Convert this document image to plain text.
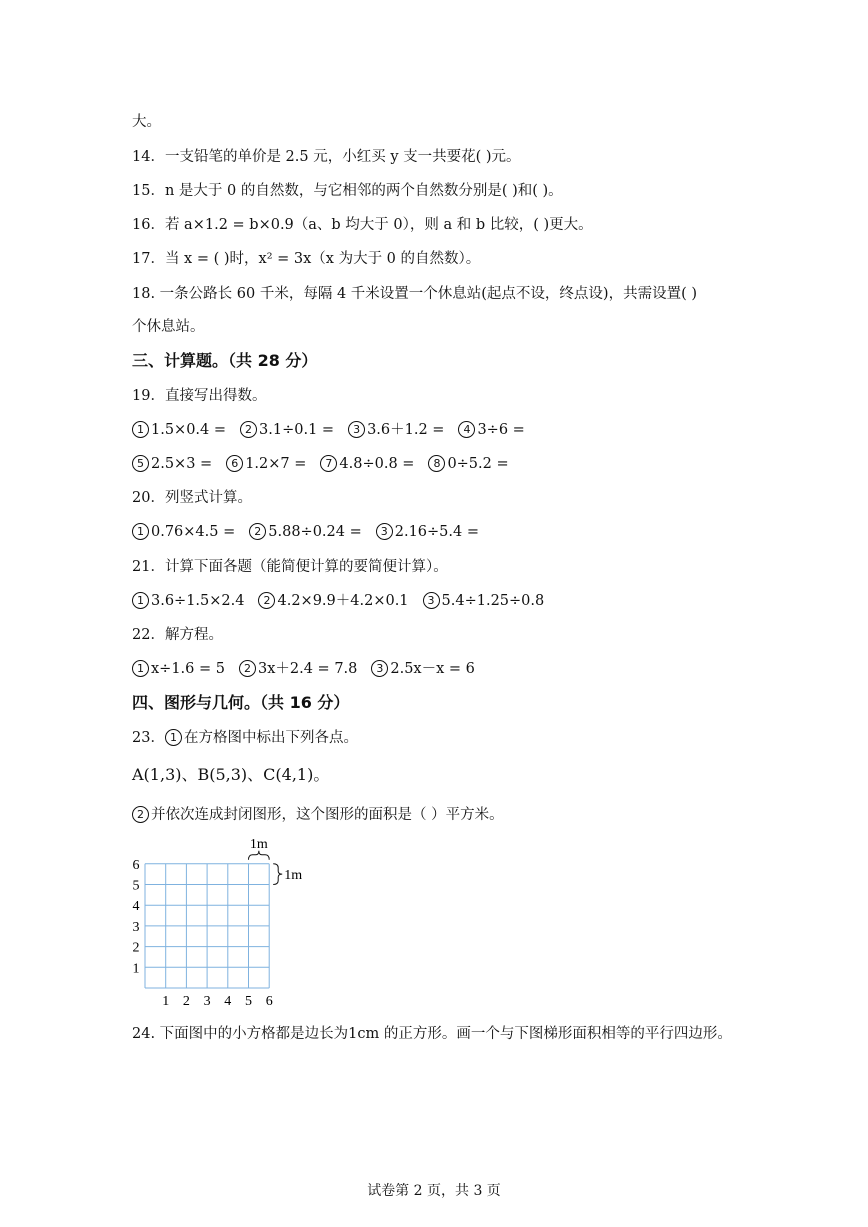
大。
14．一支铅笔的单价是 2.5 元，小红买 y 支一共要花( )元。
15．n 是大于 0 的自然数，与它相邻的两个自然数分别是( )和( )。
16．若 a×1.2 = b×0.9（a、b 均大于 0），则 a 和 b 比较，( )更大。
17．当 x = ( )时，x² = 3x（x 为大于 0 的自然数）。
18. 一条公路长 60 千米，每隔 4 千米设置一个休息站(起点不设，终点设)，共需设置( )
个休息站。
三、计算题。（共 28 分）
19．直接写出得数。
1 1.5×0.4 = 2 3.1÷0.1 = 3 3.6＋1.2 = 4 3÷6 =
5 2.5×3 = 6 1.2×7 = 7 4.8÷0.8 = 8 0÷5.2 =
20．列竖式计算。
1 0.76×4.5 = 2 5.88÷0.24 = 3 2.16÷5.4 =
21．计算下面各题（能简便计算的要简便计算）。
1 3.6÷1.5×2.4 2 4.2×9.9＋4.2×0.1 3 5.4÷1.25÷0.8
22．解方程。
1 x÷1.6 = 5 2 3x＋2.4 = 7.8 3 2.5x－x = 6
四、图形与几何。（共 16 分）
23． 1 在方格图中标出下列各点。
A(1,3)、B(5,3)、C(4,1)。
2 并依次连成封闭图形，这个图形的面积是（ ）平方米。
1 2 3 4 5 6
1
2
3
4
5
6
1m
1m
24. 下面图中的小方格都是边长为1cm 的正方形。画一个与下图梯形面积相等的平行四边形。
试卷第 2 页，共 3 页
